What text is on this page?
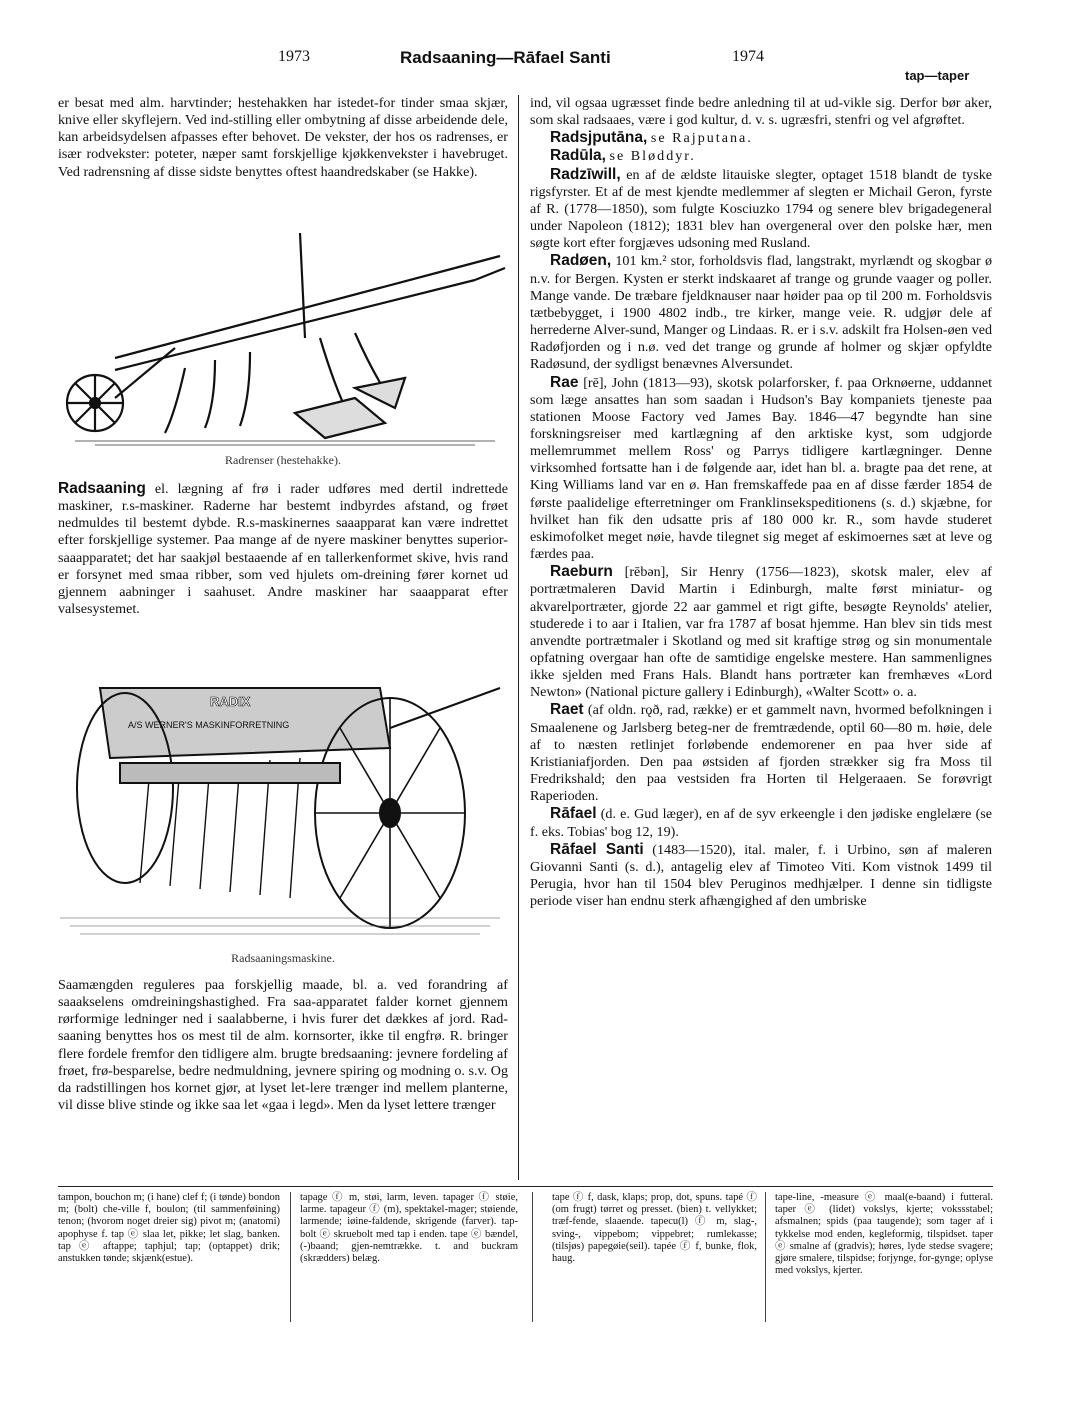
1973	Radsaaning—Rāfael Santi	1974
tap—taper

er besat med alm. harvtinder; hestehakken har istedet-for tinder smaa skjær, knive eller skyflejern. Ved ind-stilling eller ombytning af disse arbeidende dele, kan arbeidsydelsen afpasses efter behovet. De vekster, der hos os radrenses, er især rodvekster: poteter, næper samt forskjellige kjøkkenvekster i havebruget. Ved radrensning af disse sidste benyttes oftest haandredskaber (se Hakke).

Radrenser (hestehakke).

Radsaaning el. lægning af frø i rader udføres med dertil indrettede maskiner, r.s-maskiner. Raderne har bestemt indbyrdes afstand, og frøet nedmuldes til bestemt dybde. R.s-maskinernes saaapparat kan være indrettet efter forskjellige systemer. Paa mange af de nyere maskiner benyttes superior-saaapparatet; det har saakjøl bestaaende af en tallerkenformet skive, hvis rand er forsynet med smaa ribber, som ved hjulets om-dreining fører kornet ud gjennem aabninger i saahuset. Andre maskiner har saaapparat efter valsesystemet.

RADIX
A/S WERNER'S MASKINFORRETNING
Radsaaningsmaskine.

Saamængden reguleres paa forskjellig maade, bl. a. ved forandring af saaakselens omdreiningshastighed. Fra saa-apparatet falder kornet gjennem rørformige ledninger ned i saalabberne, i hvis furer det dækkes af jord. Rad-saaning benyttes hos os mest til de alm. kornsorter, ikke til engfrø. R. bringer flere fordele fremfor den tidligere alm. brugte bredsaaning: jevnere fordeling af frøet, frø-besparelse, bedre nedmuldning, jevnere spiring og modning o. s.v. Og da radstillingen hos kornet gjør, at lyset let-lere trænger ind mellem planterne, vil disse blive stinde og ikke saa let «gaa i legd». Men da lyset lettere trænger

ind, vil ogsaa ugræsset finde bedre anledning til at ud-vikle sig. Derfor bør aker, som skal radsaaes, være i god kultur, d. v. s. ugræsfri, stenfri og vel afgrøftet.

Radsjputāna, se Rajputana.

Radūla, se Bløddyr.

Radzīwill, en af de ældste litauiske slegter, optaget 1518 blandt de tyske rigsfyrster. Et af de mest kjendte medlemmer af slegten er Michail Geron, fyrste af R. (1778—1850), som fulgte Kosciuzko 1794 og senere blev brigadegeneral under Napoleon (1812); 1831 blev han overgeneral over den polske hær, men søgte kort efter forgjæves udsoning med Rusland.

Radøen, 101 km.² stor, forholdsvis flad, langstrakt, myrlændt og skogbar ø n.v. for Bergen. Kysten er sterkt indskaaret af trange og grunde vaager og poller. Mange vande. De træbare fjeldknauser naar høider paa op til 200 m. Forholdsvis tætbebygget, i 1900 4802 indb., tre kirker, mange veie. R. udgjør dele af herrederne Alver-sund, Manger og Lindaas. R. er i s.v. adskilt fra Holsen-øen ved Radøfjorden og i n.ø. ved det trange og grunde af holmer og skjær opfyldte Radøsund, der sydligst benævnes Alversundet.

Rae [rē], John (1813—93), skotsk polarforsker, f. paa Orknøerne, uddannet som læge ansattes han som saadan i Hudson's Bay kompaniets tjeneste paa stationen Moose Factory ved James Bay. 1846—47 begyndte han sine forskningsreiser med kartlægning af den arktiske kyst, som udgjorde mellemrummet mellem Ross' og Parrys tidligere kartlægninger. Denne virksomhed fortsatte han i de følgende aar, idet han bl. a. bragte paa det rene, at King Williams land var en ø. Han fremskaffede paa en af disse færder 1854 de første paalidelige efterretninger om Franklinsekspeditionens (s. d.) skjæbne, for hvilket han fik den udsatte pris af 180 000 kr. R., som havde studeret eskimofolket meget nøie, havde tilegnet sig meget af eskimoernes sæt at leve og færdes paa.

Raeburn [rēbən], Sir Henry (1756—1823), skotsk maler, elev af portrætmaleren David Martin i Edinburgh, malte først miniatur- og akvarelportræter, gjorde 22 aar gammel et rigt gifte, besøgte Reynolds' atelier, studerede i to aar i Italien, var fra 1787 af bosat hjemme. Han blev sin tids mest anvendte portrætmaler i Skotland og med sit kraftige strøg og sin monumentale opfatning overgaar han ofte de samtidige engelske mestere. Han sammenlignes ikke sjelden med Frans Hals. Blandt hans portræter kan fremhæves «Lord Newton» (National picture gallery i Edinburgh), «Walter Scott» o. a.

Raet (af oldn. rǫð, rad, række) er et gammelt navn, hvormed befolkningen i Smaalenene og Jarlsberg beteg-ner de fremtrædende, optil 60—80 m. høie, dele af to næsten retlinjet forløbende endemorener en paa hver side af Kristianiafjorden. Den paa østsiden af fjorden strækker sig fra Moss til Fredrikshald; den paa vestsiden fra Horten til Helgeraaen. Se forøvrigt Raperioden.

Rāfael (d. e. Gud læger), en af de syv erkeengle i den jødiske englelære (se f. eks. Tobias' bog 12, 19).

Rāfael Santi (1483—1520), ital. maler, f. i Urbino, søn af maleren Giovanni Santi (s. d.), antagelig elev af Timoteo Viti. Kom vistnok 1499 til Perugia, hvor han til 1504 blev Peruginos medhjælper. I denne sin tidligste periode viser han endnu sterk afhængighed af den umbriske

tampon, bouchon m; (i hane) clef f; (i tønde) bondon m; (bolt) che-ville f, boulon; (til sammenføining) tenon; (hvorom noget dreier sig) pivot m; (anatomi) apophyse f. tap ⓔ slaa let, pikke; let slag, banken. tap ⓔ aftappe; taphjul; tap; (optappet) drik; anstukken tønde; skjænk(estue).

tapage ⓕ m, støi, larm, leven. tapager ⓕ støie, larme. tapageur ⓕ (m), spektakel-mager; støiende, larmende; iøine-faldende, skrigende (farver). tap-bolt ⓔ skruebolt med tap i enden. tape ⓔ bændel, (-)baand; gjen-nemtrække. t. and buckram (skrædders) belæg.

tape ⓕ f, dask, klaps; prop, dot, spuns. tapé ⓕ (om frugt) tørret og presset. (bien) t. vellykket; træf-fende, slaaende. tapecu(l) ⓕ m, slag-, sving-, vippebom; vippebret; rumlekasse; (tilsjøs) papegøie(seil). tapée ⓕ f, bunke, flok, haug.

tape-line, -measure ⓔ maal(e-baand) i futteral. taper ⓔ (lidet) vokslys, kjerte; vokssstabel; afsmalnen; spids (paa taugende); som tager af i tykkelse mod enden, kegleformig, tilspidset. taper ⓔ smalne af (gradvis); høres, lyde stedse svagere; gjøre smalere, tilspidse; forjynge, for-gynge; oplyse med vokslys, kjerter.
